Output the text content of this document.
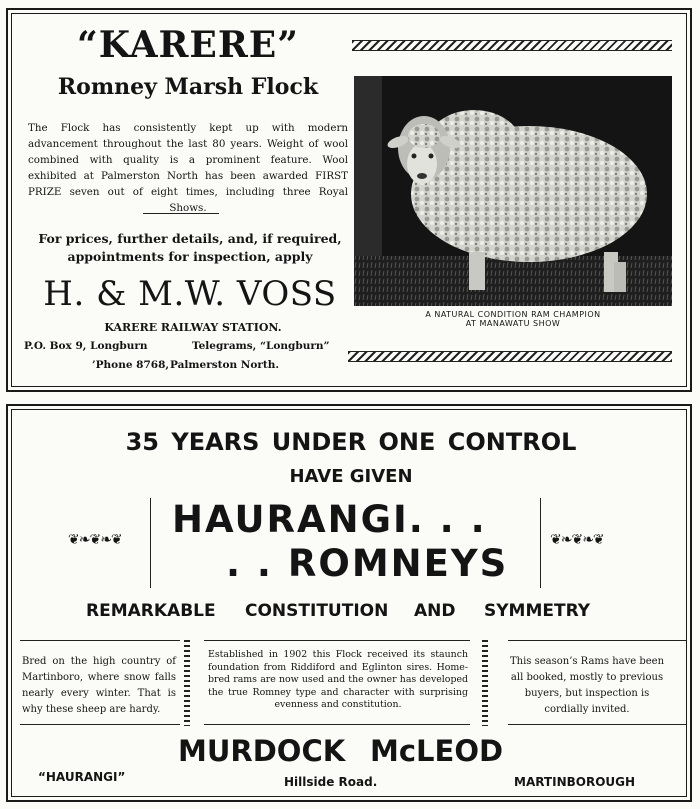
“KARERE”
Romney Marsh Flock
The Flock has consistently kept up with modern advancement throughout the last 80 years. Weight of wool combined with quality is a prominent feature. Wool exhibited at Palmerston North has been awarded FIRST PRIZE seven out of eight times, including three Royal Shows.
For prices, further details, and, if required, appointments for inspection, apply
H. & M.W. VOSS
KARERE RAILWAY STATION.
P.O. Box 9, Longburn	Telegrams, “Longburn”
’Phone 8768, Palmerston North.
A NATURAL CONDITION RAM CHAMPION
AT MANAWATU SHOW
35 YEARS UNDER ONE CONTROL
HAVE GIVEN
❦❧❦❧❦	❦❧❦❧❦
HAURANGI. . .
. . ROMNEYS
REMARKABLE CONSTITUTION AND SYMMETRY
Bred on the high country of Martinboro, where snow falls nearly every winter. That is why these sheep are hardy.
Established in 1902 this Flock received its staunch foundation from Riddiford and Eglinton sires. Home-bred rams are now used and the owner has developed the true Romney type and character with surprising evenness and constitution.
This season’s Rams have been all booked, mostly to previous buyers, but inspection is cordially invited.
MURDOCK McLEOD
“HAURANGI”	Hillside Road.	MARTINBOROUGH
